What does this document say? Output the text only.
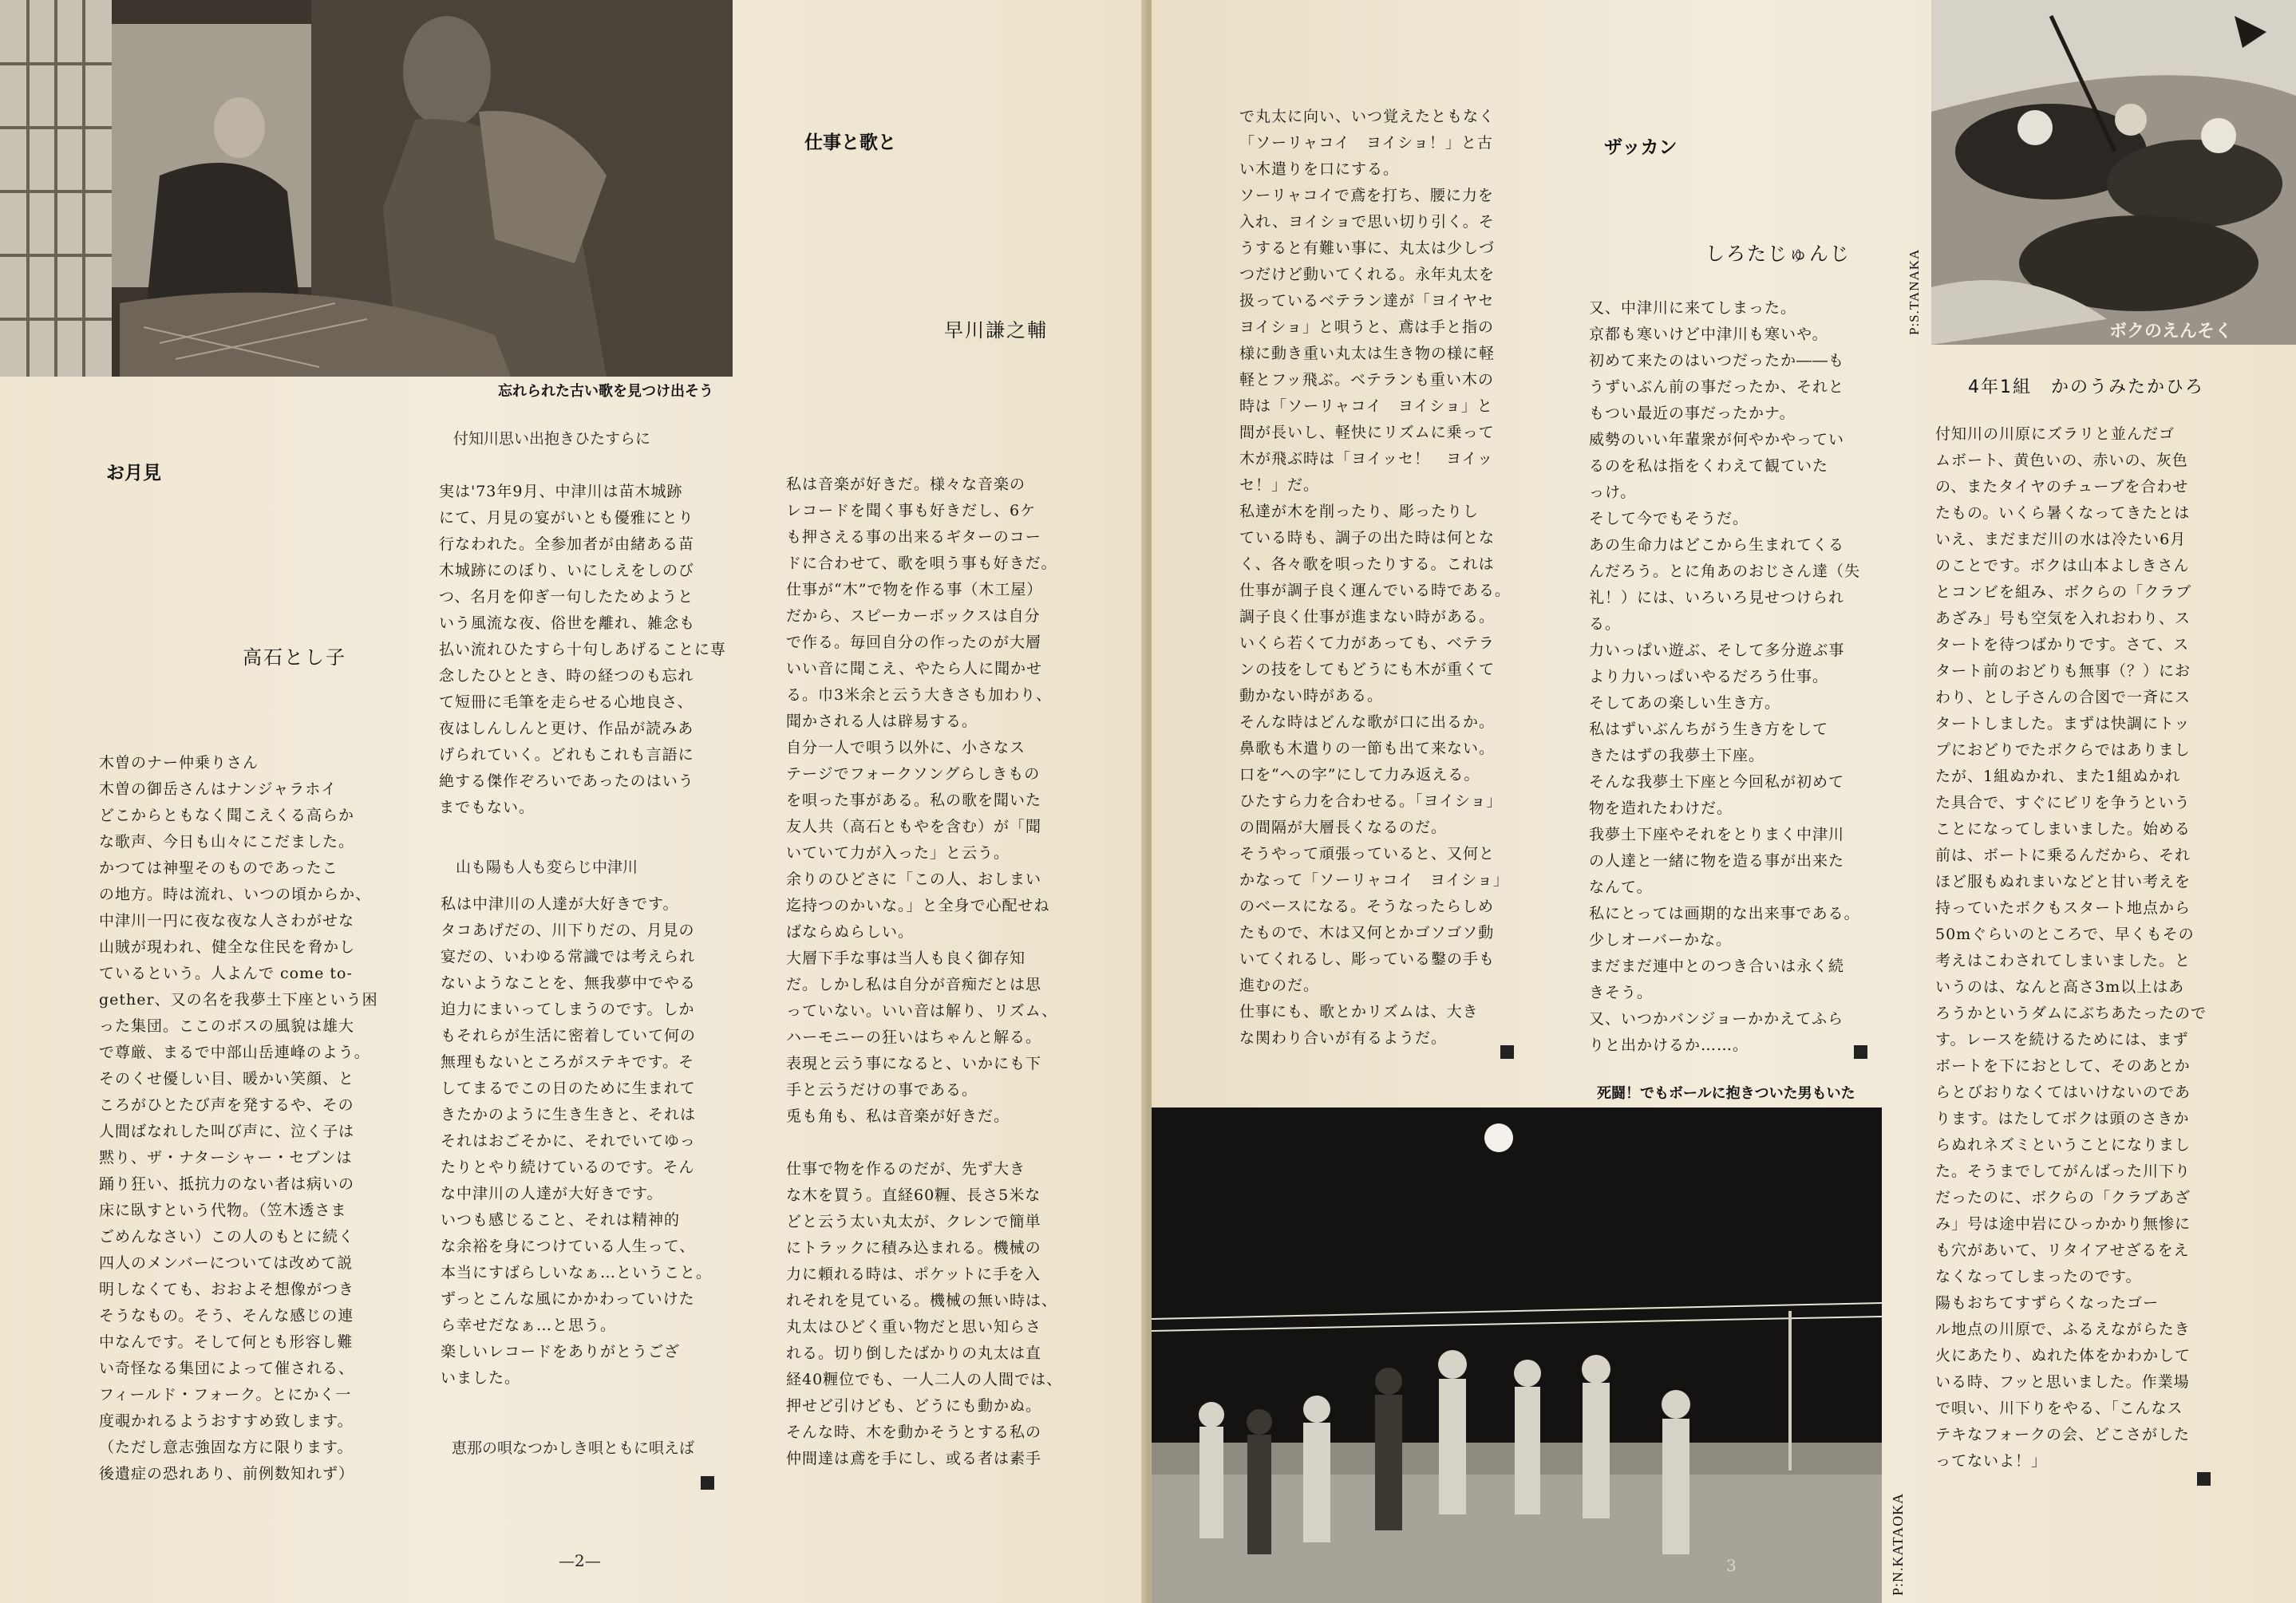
忘れられた古い歌を見つけ出そう
お月見
高石とし子

木曽のナー仲乗りさん

木曽の御岳さんはナンジャラホイ

どこからともなく聞こえくる高らか

な歌声、今日も山々にこだました。

かつては神聖そのものであったこ

の地方。時は流れ、いつの頃からか、

中津川一円に夜な夜な人さわがせな

山賊が現われ、健全な住民を脅かし

ているという。人よんで come to-

gether、又の名を我夢土下座という困

った集団。ここのボスの風貌は雄大

で尊厳、まるで中部山岳連峰のよう。

そのくせ優しい目、暖かい笑顔、と

ころがひとたび声を発するや、その

人間ばなれした叫び声に、泣く子は

黙り、ザ・ナターシャー・セブンは

踊り狂い、抵抗力のない者は病いの

床に臥すという代物。（笠木透さま

ごめんなさい）この人のもとに続く

四人のメンバーについては改めて説

明しなくても、おおよそ想像がつき

そうなもの。そう、そんな感じの連

中なんです。そして何とも形容し難

い奇怪なる集団によって催される、

フィールド・フォーク。とにかく一

度覗かれるようおすすめ致します。

（ただし意志強固な方に限ります。

後遺症の恐れあり、前例数知れず）

付知川思い出抱きひたすらに

実は'73年9月、中津川は苗木城跡

にて、月見の宴がいとも優雅にとり

行なわれた。全参加者が由緒ある苗

木城跡にのぼり、いにしえをしのび

つ、名月を仰ぎ一句したためようと

いう風流な夜、俗世を離れ、雑念も

払い流れひたすら十句しあげることに専

念したひととき、時の経つのも忘れ

て短冊に毛筆を走らせる心地良さ、

夜はしんしんと更け、作品が読みあ

げられていく。どれもこれも言語に

絶する傑作ぞろいであったのはいう

までもない。

山も陽も人も変らじ中津川

私は中津川の人達が大好きです。

タコあげだの、川下りだの、月見の

宴だの、いわゆる常識では考えられ

ないようなことを、無我夢中でやる

迫力にまいってしまうのです。しか

もそれらが生活に密着していて何の

無理もないところがステキです。そ

してまるでこの日のために生まれて

きたかのように生き生きと、それは

それはおごそかに、それでいてゆっ

たりとやり続けているのです。そん

な中津川の人達が大好きです。

いつも感じること、それは精神的

な余裕を身につけている人生って、

本当にすばらしいなぁ…ということ。

ずっとこんな風にかかわっていけた

ら幸せだなぁ…と思う。

楽しいレコードをありがとうござ

いました。

恵那の唄なつかしき唄ともに唄えば
仕事と歌と
早川謙之輔

私は音楽が好きだ。様々な音楽の

レコードを聞く事も好きだし、6ケ

も押さえる事の出来るギターのコー

ドに合わせて、歌を唄う事も好きだ。

仕事が“木”で物を作る事（木工屋）

だから、スピーカーボックスは自分

で作る。毎回自分の作ったのが大層

いい音に聞こえ、やたら人に聞かせ

る。巾3米余と云う大きさも加わり、

聞かされる人は辟易する。

自分一人で唄う以外に、小さなス

テージでフォークソングらしきもの

を唄った事がある。私の歌を聞いた

友人共（高石ともやを含む）が「聞

いていて力が入った」と云う。

余りのひどさに「この人、おしまい

迄持つのかいな。」と全身で心配せね

ばならぬらしい。

大層下手な事は当人も良く御存知

だ。しかし私は自分が音痴だとは思

っていない。いい音は解り、リズム、

ハーモニーの狂いはちゃんと解る。

表現と云う事になると、いかにも下

手と云うだけの事である。

兎も角も、私は音楽が好きだ。

仕事で物を作るのだが、先ず大き

な木を買う。直経60糎、長さ5米な

どと云う太い丸太が、クレンで簡単

にトラックに積み込まれる。機械の

力に頼れる時は、ポケットに手を入

れそれを見ている。機械の無い時は、

丸太はひどく重い物だと思い知らさ

れる。切り倒したばかりの丸太は直

経40糎位でも、一人二人の人間では、

押せど引けども、どうにも動かぬ。

そんな時、木を動かそうとする私の

仲間達は鳶を手にし、或る者は素手

—2—

で丸太に向い、いつ覚えたともなく

「ソーリャコイ　ヨイショ！」と古

い木遣りを口にする。

ソーリャコイで鳶を打ち、腰に力を

入れ、ヨイショで思い切り引く。そ

うすると有難い事に、丸太は少しづ

つだけど動いてくれる。永年丸太を

扱っているベテラン達が「ヨイヤセ

ヨイショ」と唄うと、鳶は手と指の

様に動き重い丸太は生き物の様に軽

軽とフッ飛ぶ。ベテランも重い木の

時は「ソーリャコイ　ヨイショ」と

間が長いし、軽快にリズムに乗って

木が飛ぶ時は「ヨイッセ！　ヨイッ

セ！」だ。

私達が木を削ったり、彫ったりし

ている時も、調子の出た時は何とな

く、各々歌を唄ったりする。これは

仕事が調子良く運んでいる時である。

調子良く仕事が進まない時がある。

いくら若くて力があっても、ベテラ

ンの技をしてもどうにも木が重くて

動かない時がある。

そんな時はどんな歌が口に出るか。

鼻歌も木遣りの一節も出て来ない。

口を“への字”にして力み返える。

ひたすら力を合わせる。「ヨイショ」

の間隔が大層長くなるのだ。

そうやって頑張っていると、又何と

かなって「ソーリャコイ　ヨイショ」

のベースになる。そうなったらしめ

たもので、木は又何とかゴソゴソ動

いてくれるし、彫っている鑿の手も

進むのだ。

仕事にも、歌とかリズムは、大き

な関わり合いが有るようだ。

ザッカン
しろたじゅんじ

又、中津川に来てしまった。

京都も寒いけど中津川も寒いや。

初めて来たのはいつだったか――も

うずいぶん前の事だったか、それと

もつい最近の事だったかナ。

威勢のいい年輩衆が何やかやってい

るのを私は指をくわえて観ていた

っけ。

そして今でもそうだ。

あの生命力はどこから生まれてくる

んだろう。とに角あのおじさん達（失

礼！）には、いろいろ見せつけられ

る。

力いっぱい遊ぶ、そして多分遊ぶ事

より力いっぱいやるだろう仕事。

そしてあの楽しい生き方。

私はずいぶんちがう生き方をして

きたはずの我夢土下座。

そんな我夢土下座と今回私が初めて

物を造れたわけだ。

我夢土下座やそれをとりまく中津川

の人達と一緒に物を造る事が出来た

なんて。

私にとっては画期的な出来事である。

少しオーバーかな。

まだまだ連中とのつき合いは永く続

きそう。

又、いつかバンジョーかかえてふら

りと出かけるか……。

ボクのえんそく
P:S.TANAKA
4年1組　かのうみたかひろ

付知川の川原にズラリと並んだゴ

ムボート、黄色いの、赤いの、灰色

の、またタイヤのチューブを合わせ

たもの。いくら暑くなってきたとは

いえ、まだまだ川の水は冷たい6月

のことです。ボクは山本よしきさん

とコンビを組み、ボクらの「クラブ

あざみ」号も空気を入れおわり、ス

タートを待つばかりです。さて、ス

タート前のおどりも無事（？）にお

わり、とし子さんの合図で一斉にス

タートしました。まずは快調にトッ

プにおどりでたボクらではありまし

たが、1組ぬかれ、また1組ぬかれ

た具合で、すぐにビリを争うという

ことになってしまいました。始める

前は、ボートに乗るんだから、それ

ほど服もぬれまいなどと甘い考えを

持っていたボクもスタート地点から

50mぐらいのところで、早くもその

考えはこわされてしまいました。と

いうのは、なんと高さ3m以上はあ

ろうかというダムにぶちあたったので

す。レースを続けるためには、まず

ボートを下におとして、そのあとか

らとびおりなくてはいけないのであ

ります。はたしてボクは頭のさきか

らぬれネズミということになりまし

た。そうまでしてがんばった川下り

だったのに、ボクらの「クラブあざ

み」号は途中岩にひっかかり無惨に

も穴があいて、リタイアせざるをえ

なくなってしまったのです。

陽もおちてすずらくなったゴー

ル地点の川原で、ふるえながらたき

火にあたり、ぬれた体をかわかして

いる時、フッと思いました。作業場

で唄い、川下りをやる、「こんなス

テキなフォークの会、どこさがした

ってないよ！」

死闘！でもボールに抱きついた男もいた
P:N.KATAOKA
3
